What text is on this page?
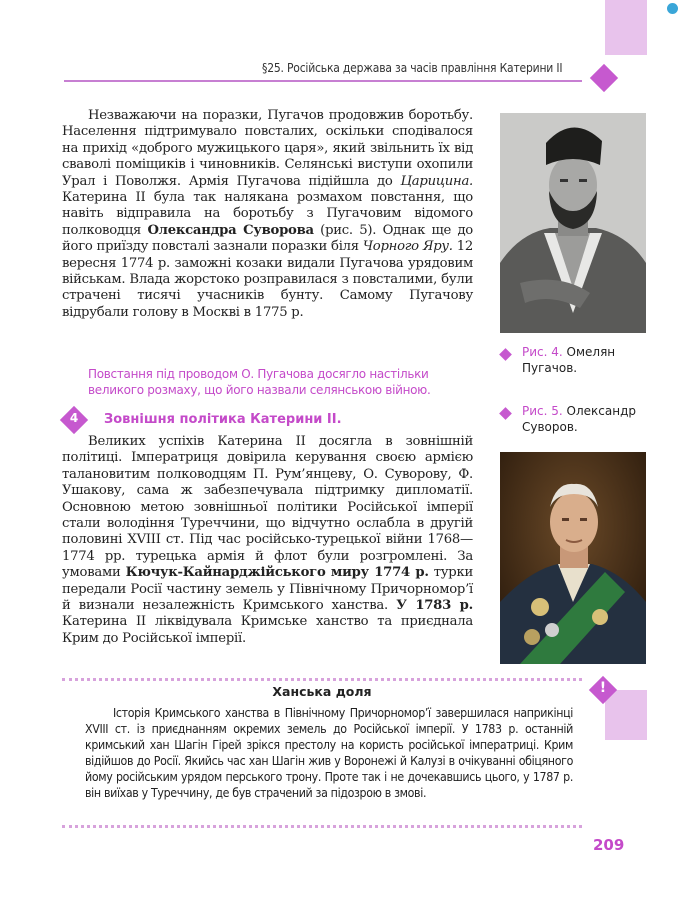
§25. Російська держава за часів правління Катерини ІІ
Незважаючи на поразки, Пугачов продовжив боротьбу. Населення підтримувало повсталих, оскільки сподівалося на прихід «доброго мужицького царя», який звільнить їх від сваволі поміщиків і чиновників. Селянські виступи охопили Урал і Поволжя. Армія Пугачова підійшла до Царицина. Катерина ІІ була так налякана розмахом повстання, що навіть відправила на боротьбу з Пугачовим відомого полководця Олександра Суворова (рис. 5). Однак ще до його приїзду повсталі зазнали поразки біля Чорного Яру. 12 вересня 1774 р. заможні козаки видали Пугачова урядовим військам. Влада жорстоко розправилася з повсталими, були страчені тисячі учасників бунту. Самому Пугачову відрубали голову в Москві в 1775 р.
Повстання під проводом О. Пугачова досягло настільки великого розмаху, що його назвали селянською війною.
4	Зовнішня політика Катерини ІІ.
Великих успіхів Катерина ІІ досягла в зовнішній політиці. Імператриця довірила керування своєю армією талановитим полководцям П. Рум’янцеву, О. Суворову, Ф. Ушакову, сама ж забезпечувала підтримку дипломатії. Основною метою зовнішньої політики Російської імперії стали володіння Туреччини, що відчутно ослабла в другій половині XVIII ст. Під час російсько-турецької війни 1768—1774 рр. турецька армія й флот були розгромлені. За умовами Кючук-Кайнарджійського миру 1774 р. турки передали Росії частину земель у Північному Причорномор’ї й визнали незалежність Кримського ханства. У 1783 р. Катерина ІІ ліквідувала Кримське ханство та приєднала Крим до Російської імперії.
Рис. 4. Омелян Пугачов.
Рис. 5. Олександр Суворов.
!
Ханська доля
Історія Кримського ханства в Північному Причорномор’ї завершилася наприкінці XVIII ст. із приєднанням окремих земель до Російської імперії. У 1783 р. останній кримський хан Шагін Гірей зрікся престолу на користь російської імператриці. Крим відійшов до Росії. Якийсь час хан Шагін жив у Воронежі й Калузі в очікуванні обіцяного йому російським урядом перського трону. Проте так і не дочекавшись цього, у 1787 р. він виїхав у Туреччину, де був страчений за підозрою в змові.
209
